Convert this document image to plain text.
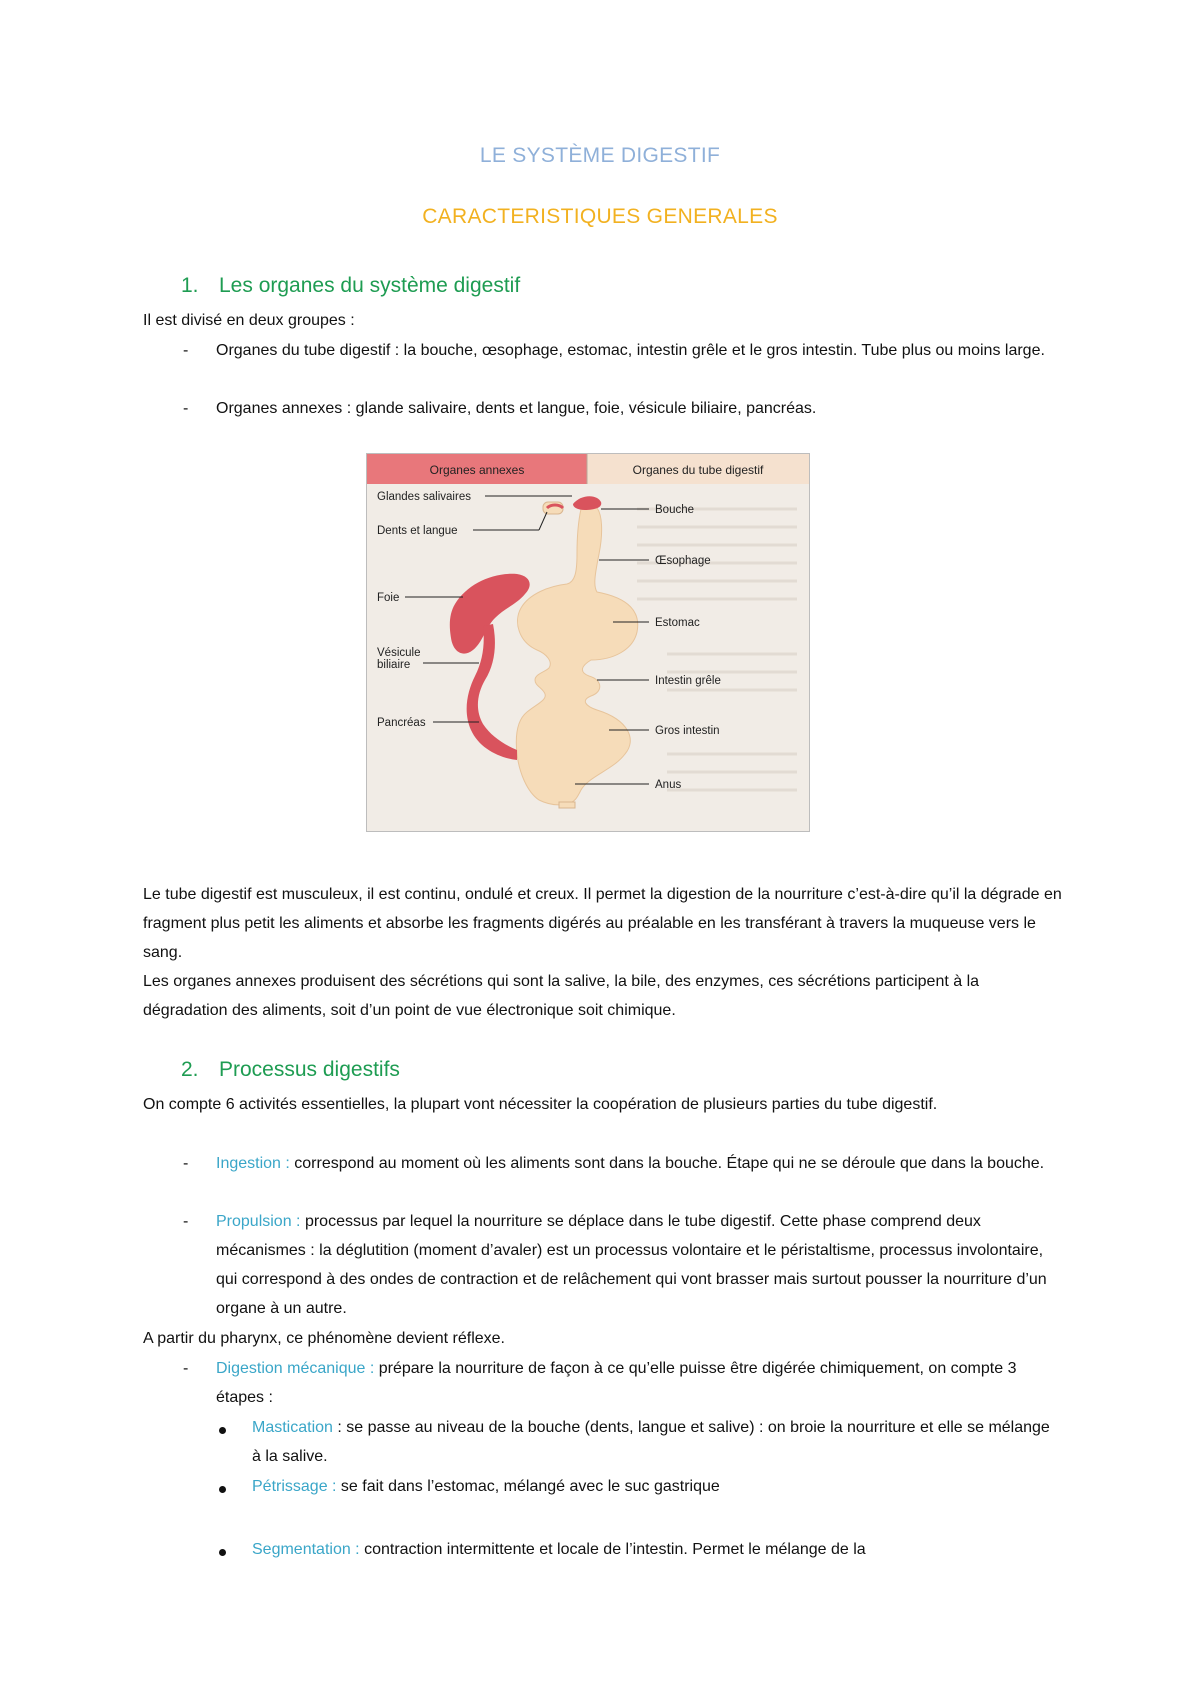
LE SYSTÈME DIGESTIF
CARACTERISTIQUES GENERALES
1. Les organes du système digestif

Il est divisé en deux groupes :

- Organes du tube digestif : la bouche, œsophage, estomac, intestin grêle et le gros intestin. Tube plus ou moins large.
- Organes annexes : glande salivaire, dents et langue, foie, vésicule biliaire, pancréas.

Le tube digestif est musculeux, il est continu, ondulé et creux. Il permet la digestion de la nourriture c’est-à-dire qu’il la dégrade en fragment plus petit les aliments et absorbe les fragments digérés au préalable en les transférant à travers la muqueuse vers le sang.

Les organes annexes produisent des sécrétions qui sont la salive, la bile, des enzymes, ces sécrétions participent à la dégradation des aliments, soit d’un point de vue électronique soit chimique.

2. Processus digestifs

On compte 6 activités essentielles, la plupart vont nécessiter la coopération de plusieurs parties du tube digestif.

- Ingestion : correspond au moment où les aliments sont dans la bouche. Étape qui ne se déroule que dans la bouche.
- Propulsion : processus par lequel la nourriture se déplace dans le tube digestif. Cette phase comprend deux mécanismes : la déglutition (moment d’avaler) est un processus volontaire et le péristaltisme, processus involontaire, qui correspond à des ondes de contraction et de relâchement qui vont brasser mais surtout pousser la nourriture d’un organe à un autre.

A partir du pharynx, ce phénomène devient réflexe.

- Digestion mécanique : prépare la nourriture de façon à ce qu’elle puisse être digérée chimiquement, on compte 3 étapes :
Mastication : se passe au niveau de la bouche (dents, langue et salive) : on broie la nourriture et elle se mélange à la salive.
Pétrissage : se fait dans l’estomac, mélangé avec le suc gastrique
Segmentation : contraction intermittente et locale de l’intestin. Permet le mélange de la
Organes annexes	Organes du tube digestif
Glandes salivaires
Dents et langue
Foie
Vésicule
biliaire
Pancréas
Bouche
Œsophage
Estomac
Intestin grêle
Gros intestin
Anus
